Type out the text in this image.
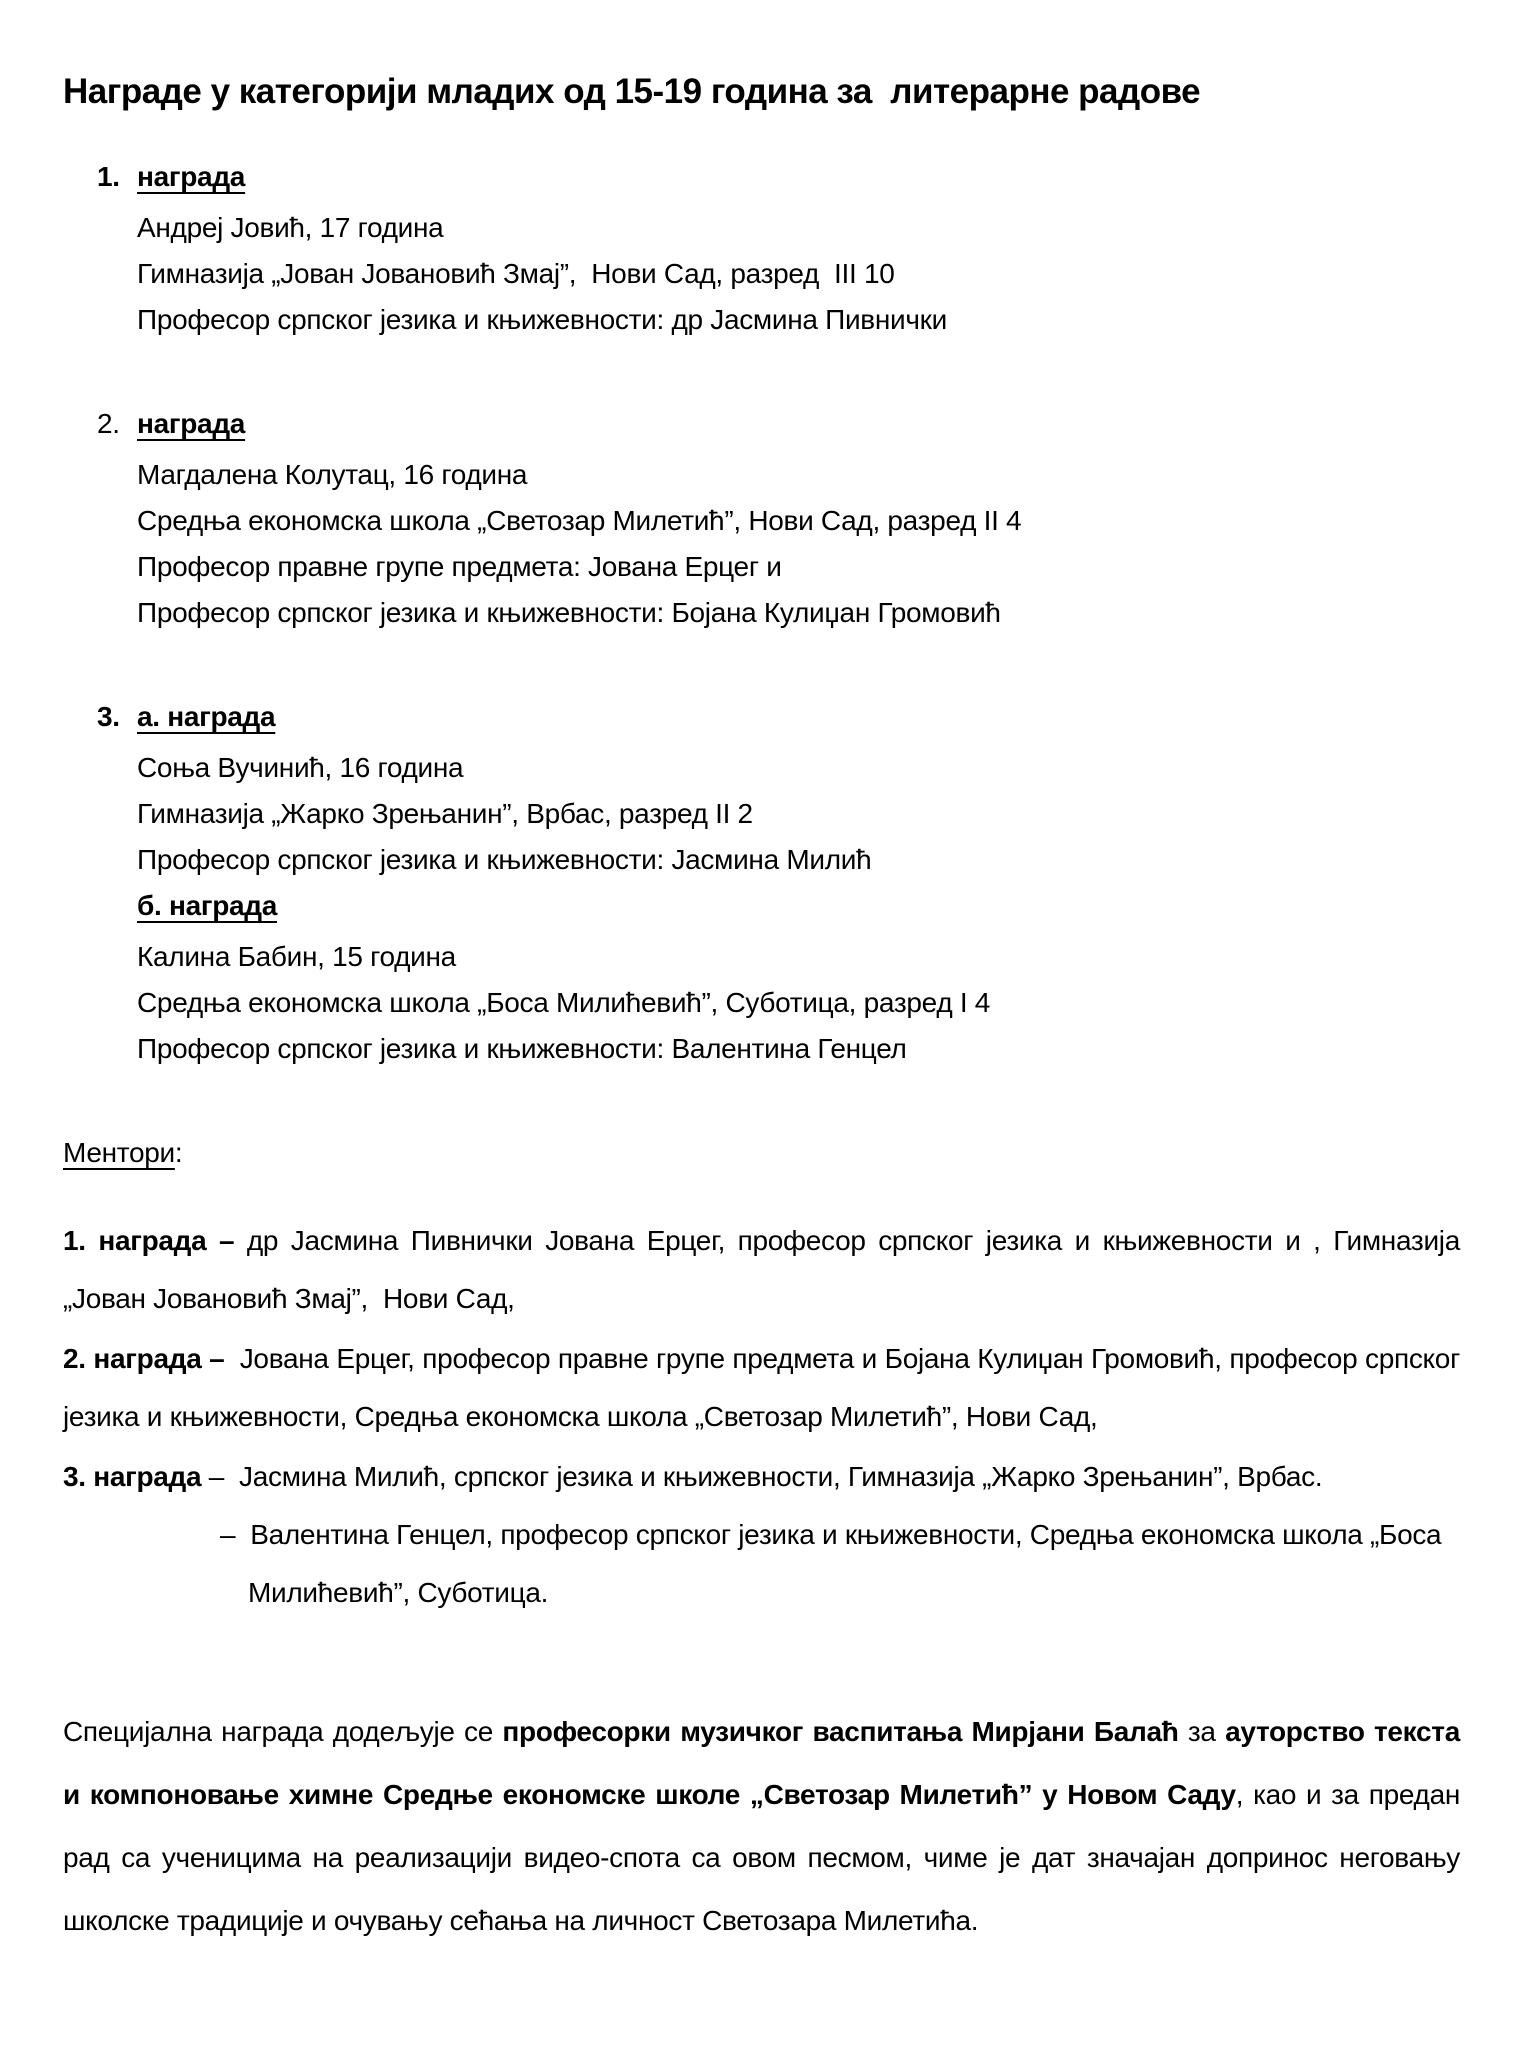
Награде у категорији младих од 15-19 година за  литерарне радове
1. награда
Андреј Јовић, 17 година
Гимназија „Јован Јовановић Змај”,  Нови Сад, разред  III 10
Професор српског језика и књижевности: др Јасмина Пивнички
2. награда
Магдалена Колутац, 16 година
Средња економска школа „Светозар Милетић”, Нови Сад, разред II 4
Професор правне групе предмета: Јована Ерцег и
Професор српског језика и књижевности: Бојана Кулиџан Громовић
3. а. награда
Соња Вучинић, 16 година
Гимназија „Жарко Зрењанин”, Врбас, разред II 2
Професор српског језика и књижевности: Јасмина Милић
б. награда
Калина Бабин, 15 година
Средња економска школа „Боса Милићевић”, Суботица, разред I 4
Професор српског језика и књижевности: Валентина Генцел
Ментори:

1. награда – др Јасмина Пивнички Јована Ерцег, професор српског језика и књижевности и , Гимназија „Јован Јовановић Змај”,  Нови Сад,

2. награда –  Јована Ерцег, професор правне групе предмета и Бојана Кулиџан Громовић, професор српског језика и књижевности, Средња економска школа „Светозар Милетић”, Нови Сад,

3. награда –  Јасмина Милић, српског језика и књижевности, Гимназија „Жарко Зрењанин”, Врбас.

–  Валентина Генцел, професор српског језика и књижевности, Средња економска школа „Боса Милићевић”, Суботица.

Специјална награда додељује се професорки музичког васпитања Мирјани Балаћ за ауторство текста и компоновање химне Средње економске школе „Светозар Милетић” у Новом Саду, као и за предан рад са ученицима на реализацији видео-спота са овом песмом, чиме је дат значајан допринос неговању школске традиције и очувању сећања на личност Светозара Милетића.
